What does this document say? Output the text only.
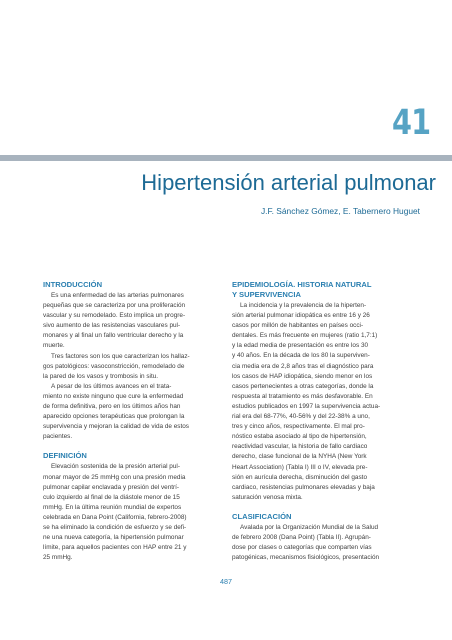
41
Hipertensión arterial pulmonar
J.F. Sánchez Gómez, E. Tabernero Huguet
INTRODUCCIÓN

Es una enfermedad de las arterias pulmonares
pequeñas que se caracteriza por una proliferación
vascular y su remodelado. Esto implica un progre-
sivo aumento de las resistencias vasculares pul-
monares y al final un fallo ventricular derecho y la
muerte.

Tres factores son los que caracterizan los hallaz-
gos patológicos: vasoconstricción, remodelado de
la pared de los vasos y trombosis in situ.

A pesar de los últimos avances en el trata-
miento no existe ninguno que cure la enfermedad
de forma definitiva, pero en los últimos años han
aparecido opciones terapéuticas que prolongan la
supervivencia y mejoran la calidad de vida de estos
pacientes.

DEFINICIÓN

Elevación sostenida de la presión arterial pul-
monar mayor de 25 mmHg con una presión media
pulmonar capilar enclavada y presión del ventrí-
culo izquierdo al final de la diástole menor de 15
mmHg. En la última reunión mundial de expertos
celebrada en Dana Point (California, febrero-2008)
se ha eliminado la condición de esfuerzo y se defi-
ne una nueva categoría, la hipertensión pulmonar
límite, para aquellos pacientes con HAP entre 21 y
25 mmHg.

EPIDEMIOLOGÍA. HISTORIA NATURAL
Y SUPERVIVENCIA

La incidencia y la prevalencia de la hiperten-
sión arterial pulmonar idiopática es entre 16 y 26
casos por millón de habitantes en países occi-
dentales. Es más frecuente en mujeres (ratio 1,7:1)
y la edad media de presentación es entre los 30
y 40 años. En la década de los 80 la superviven-
cia media era de 2,8 años tras el diagnóstico para
los casos de HAP idiopática, siendo menor en los
casos pertenecientes a otras categorías, donde la
respuesta al tratamiento es más desfavorable. En
estudios publicados en 1997 la supervivencia actua-
rial era del 68-77%, 40-56% y del 22-38% a uno,
tres y cinco años, respectivamente. El mal pro-
nóstico estaba asociado al tipo de hipertensión,
reactividad vascular, la historia de fallo cardiaco
derecho, clase funcional de la NYHA (New York
Heart Association) (Tabla I) III o IV, elevada pre-
sión en aurícula derecha, disminución del gasto
cardiaco, resistencias pulmonares elevadas y baja
saturación venosa mixta.

CLASIFICACIÓN

Avalada por la Organización Mundial de la Salud
de febrero 2008 (Dana Point) (Tabla II). Agrupán-
dose por clases o categorías que comparten vías
patogénicas, mecanismos fisiológicos, presentación

487
